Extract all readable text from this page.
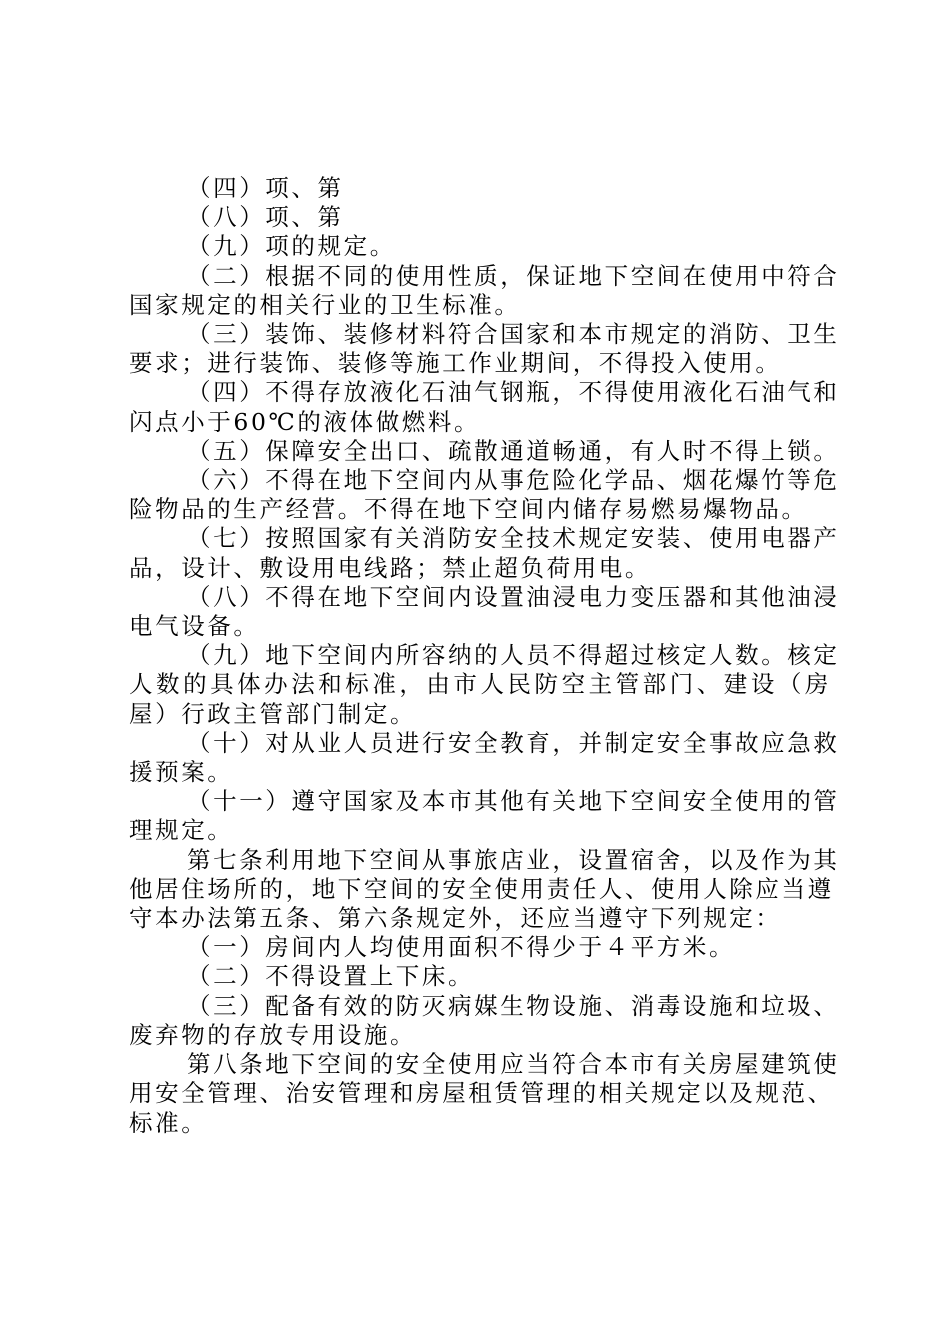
（四）项、第
（八）项、第
（九）项的规定。
（二）根据不同的使用性质，保证地下空间在使用中符合
国家规定的相关行业的卫生标准。
（三）装饰、装修材料符合国家和本市规定的消防、卫生
要求；进行装饰、装修等施工作业期间，不得投入使用。
（四）不得存放液化石油气钢瓶，不得使用液化石油气和
闪点小于60℃的液体做燃料。
（五）保障安全出口、疏散通道畅通，有人时不得上锁。
（六）不得在地下空间内从事危险化学品、烟花爆竹等危
险物品的生产经营。不得在地下空间内储存易燃易爆物品。
（七）按照国家有关消防安全技术规定安装、使用电器产
品，设计、敷设用电线路；禁止超负荷用电。
（八）不得在地下空间内设置油浸电力变压器和其他油浸
电气设备。
（九）地下空间内所容纳的人员不得超过核定人数。核定
人数的具体办法和标准，由市人民防空主管部门、建设（房
屋）行政主管部门制定。
（十）对从业人员进行安全教育，并制定安全事故应急救
援预案。
（十一）遵守国家及本市其他有关地下空间安全使用的管
理规定。
第七条利用地下空间从事旅店业，设置宿舍，以及作为其
他居住场所的，地下空间的安全使用责任人、使用人除应当遵
守本办法第五条、第六条规定外，还应当遵守下列规定：
（一）房间内人均使用面积不得少于４平方米。
（二）不得设置上下床。
（三）配备有效的防灭病媒生物设施、消毒设施和垃圾、
废弃物的存放专用设施。
第八条地下空间的安全使用应当符合本市有关房屋建筑使
用安全管理、治安管理和房屋租赁管理的相关规定以及规范、
标准。
